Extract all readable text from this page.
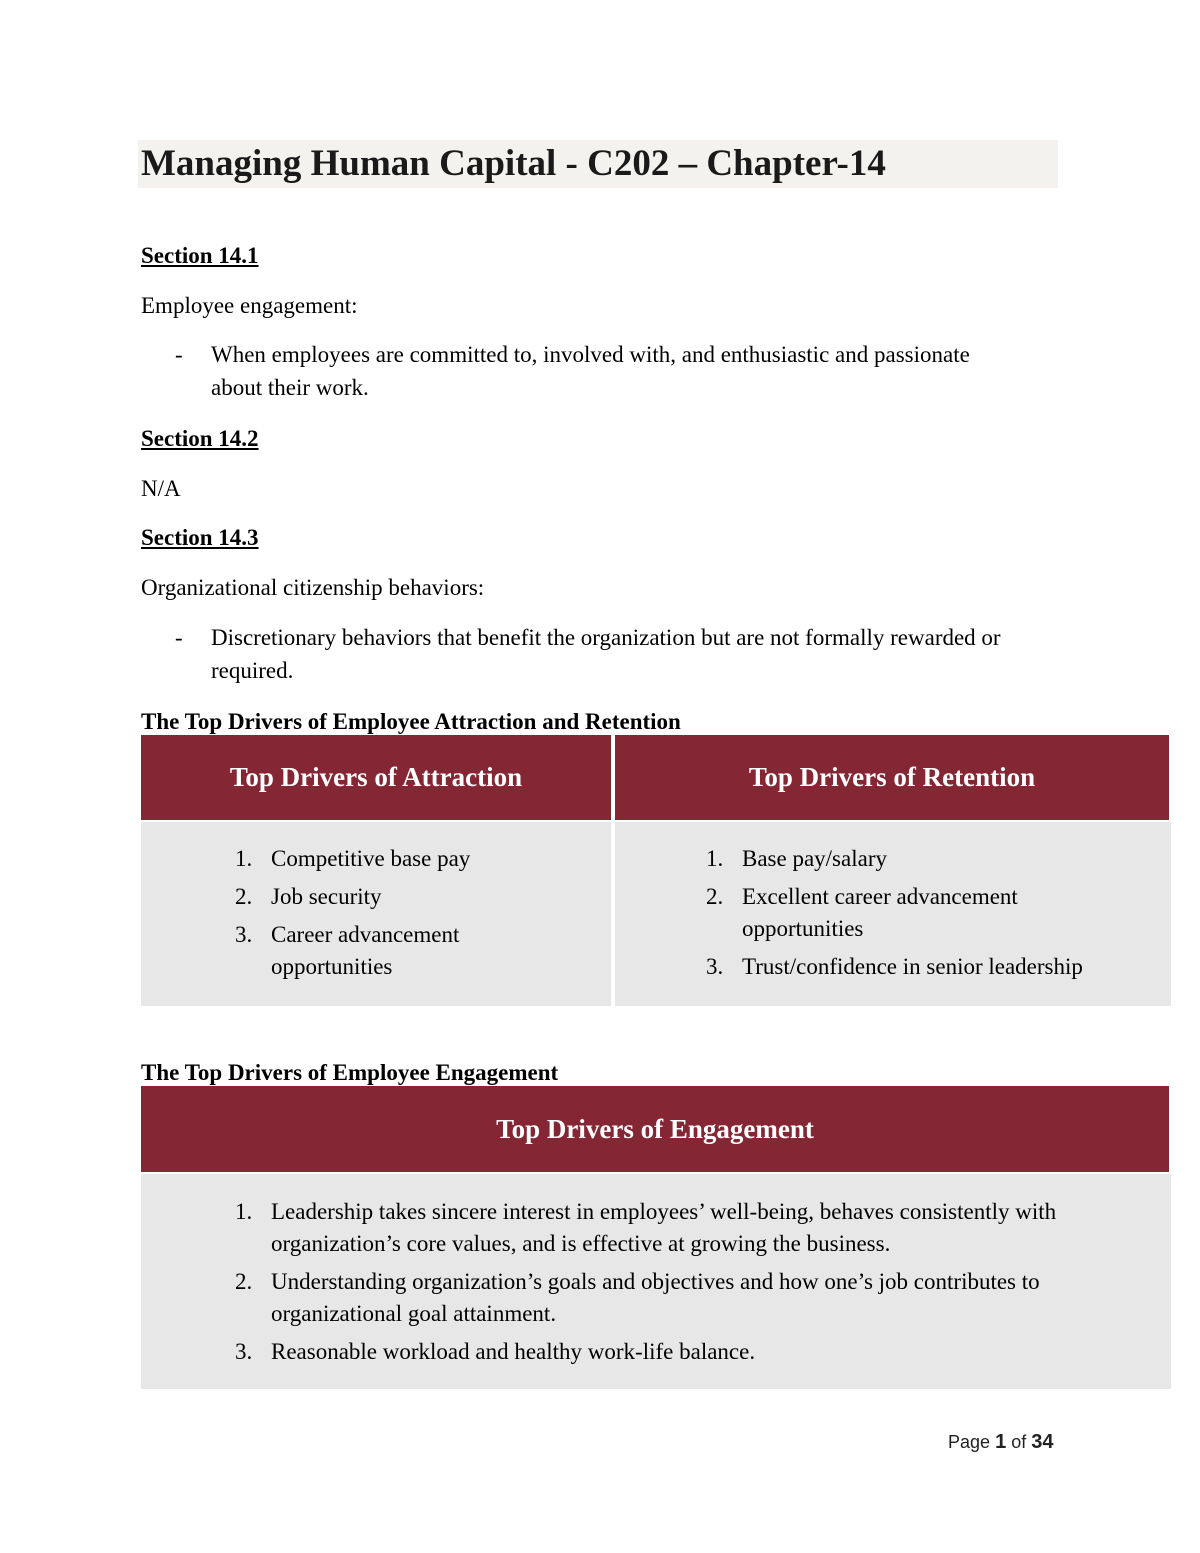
Managing Human Capital - C202 – Chapter-14

Section 14.1

Employee engagement:

- When employees are committed to, involved with, and enthusiastic and passionate about their work.

Section 14.2

N/A

Section 14.3

Organizational citizenship behaviors:

- Discretionary behaviors that benefit the organization but are not formally rewarded or required.

The Top Drivers of Employee Attraction and Retention

Top Drivers of Attraction	Top Drivers of Retention
1. Competitive base pay
2. Job security
3. Career advancement opportunities
1. Base pay/salary
2. Excellent career advancement opportunities
3. Trust/confidence in senior leadership

The Top Drivers of Employee Engagement

Top Drivers of Engagement
1. Leadership takes sincere interest in employees’ well-being, behaves consistently with organization’s core values, and is effective at growing the business.
2. Understanding organization’s goals and objectives and how one’s job contributes to organizational goal attainment.
3. Reasonable workload and healthy work-life balance.

Page 1 of 34
